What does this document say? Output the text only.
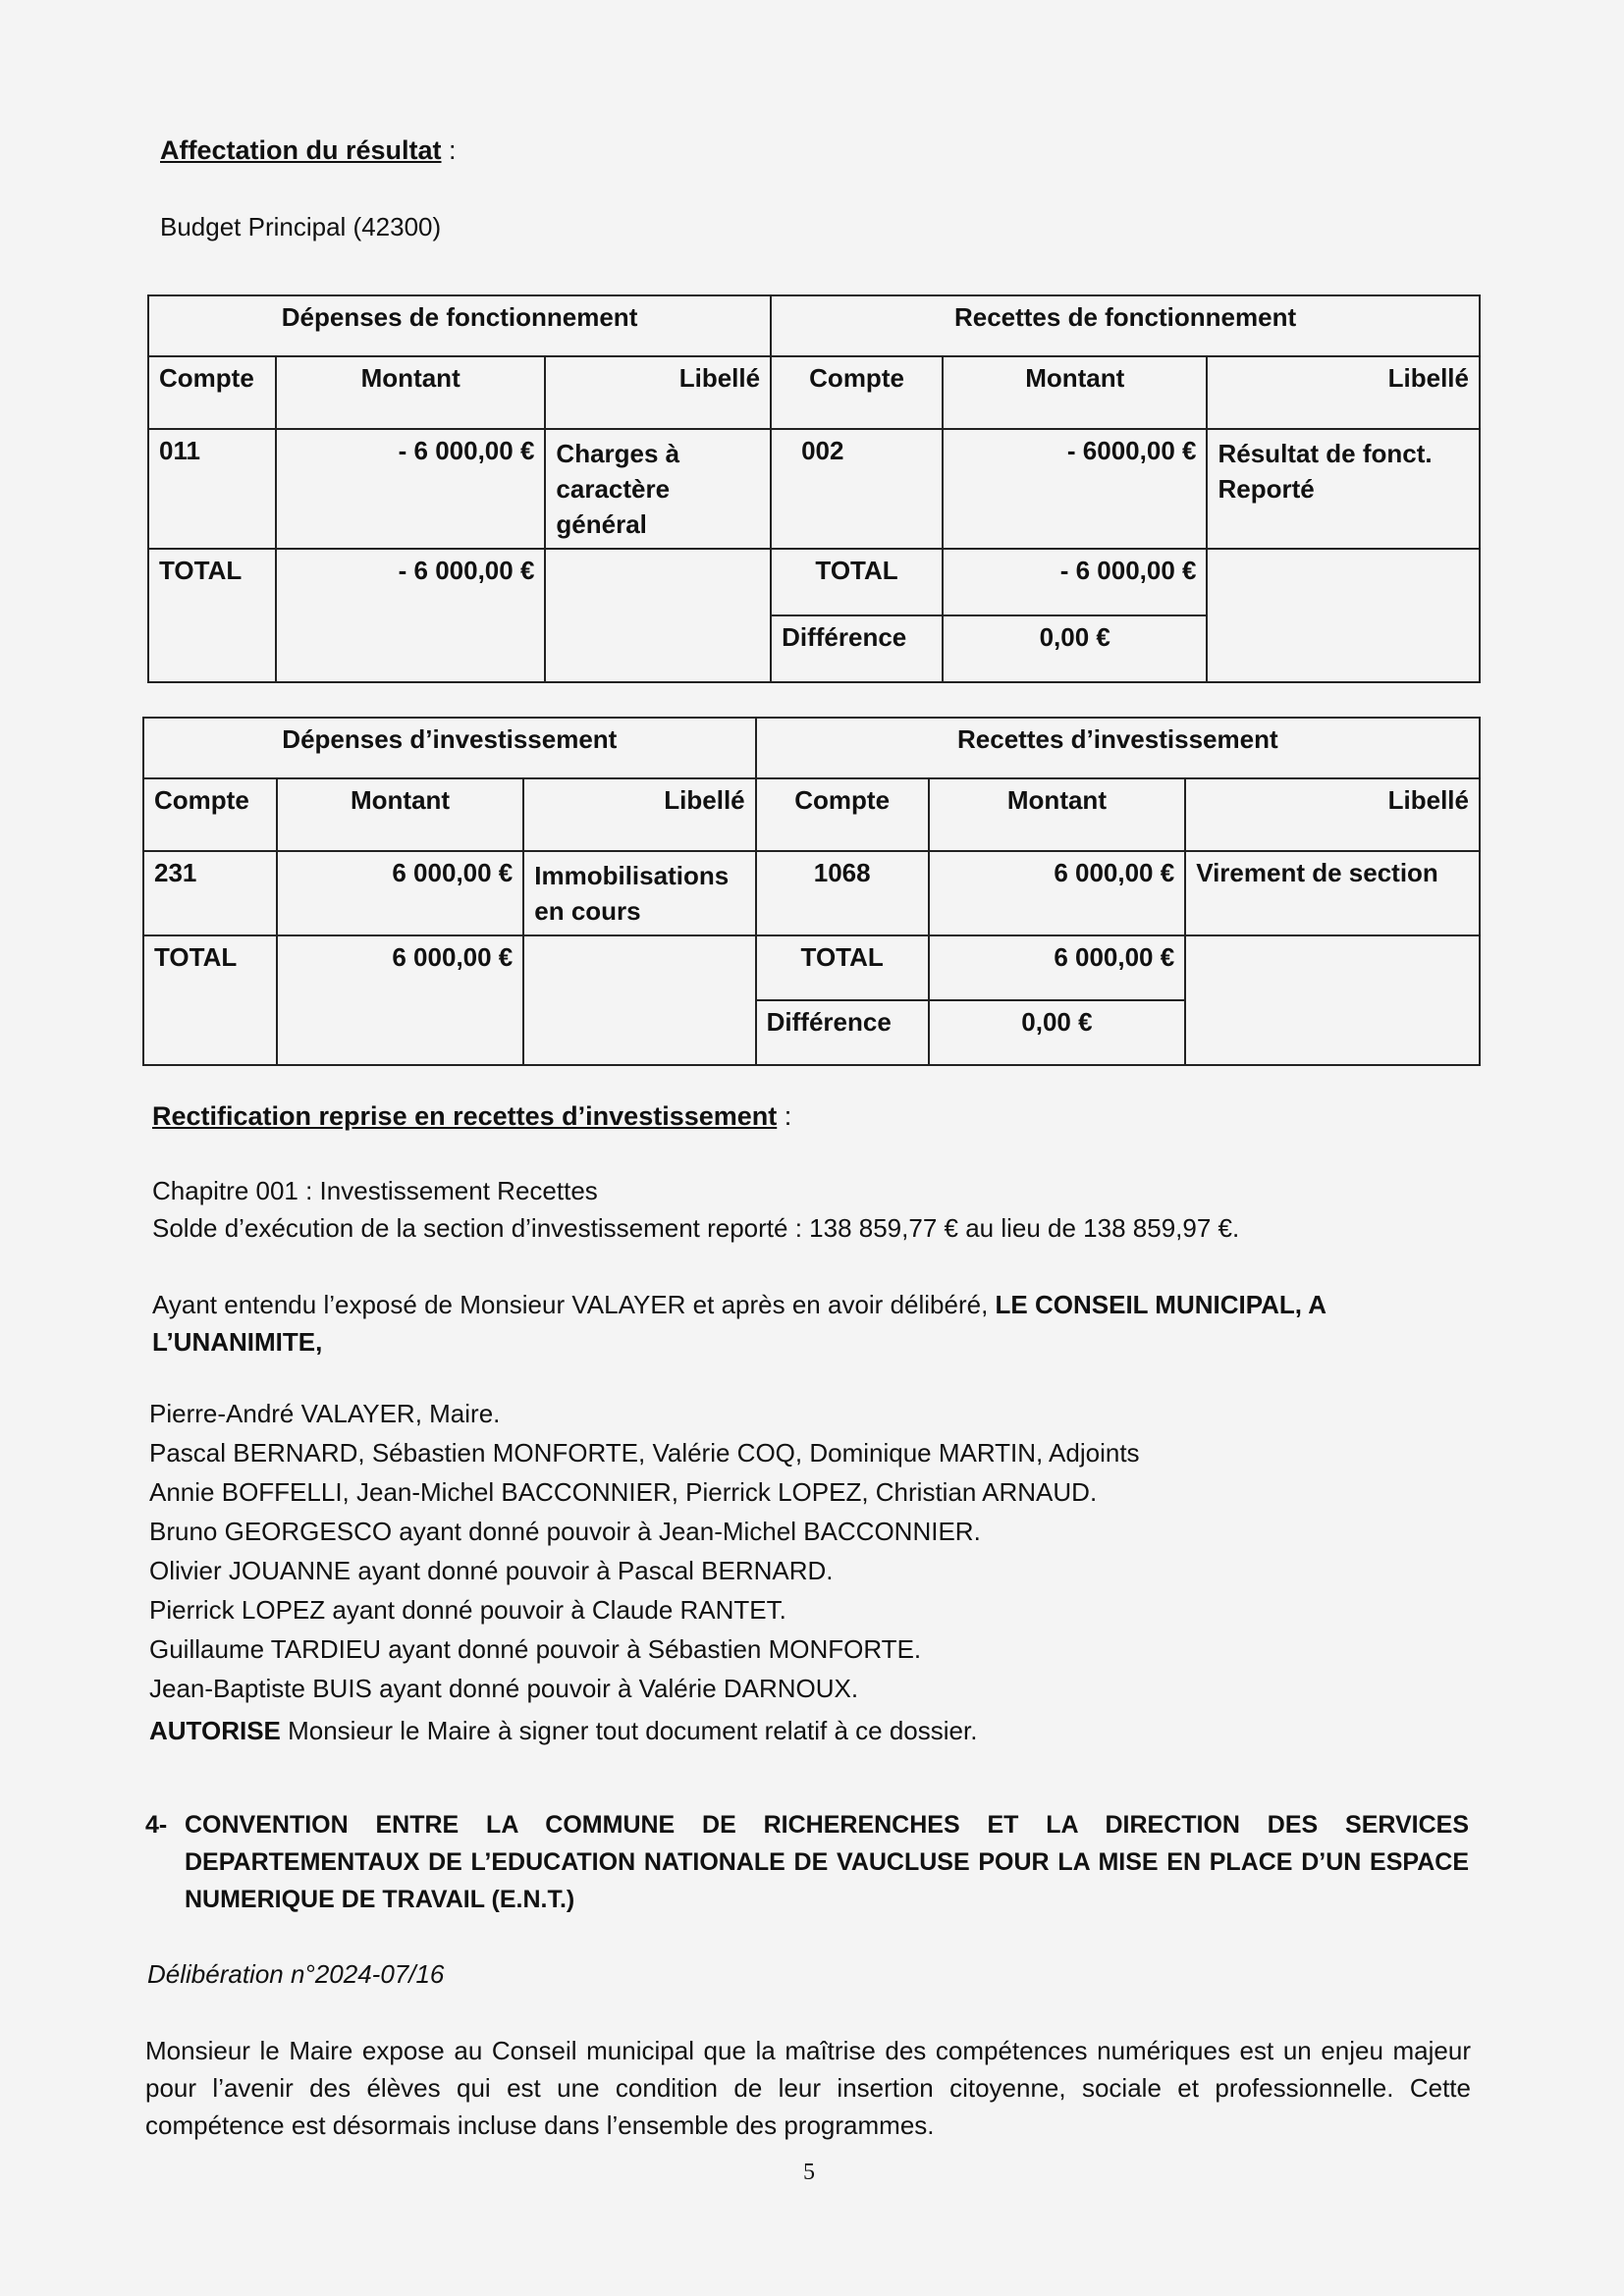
Affectation du résultat :
Budget Principal (42300)
Dépenses de fonctionnement			Recettes de fonctionnement		
Compte	Montant	Libellé	Compte	Montant	Libellé
011	- 6 000,00 €	Charges à caractère général	002	- 6000,00 €	Résultat de fonct. Reporté
TOTAL	- 6 000,00 €		TOTAL	- 6 000,00 €	
			Différence	0,00 €	
Dépenses d’investissement			Recettes d’investissement		
Compte	Montant	Libellé	Compte	Montant	Libellé
231	6 000,00 €	Immobilisations en cours	1068	6 000,00 €	Virement de section
TOTAL	6 000,00 €		TOTAL	6 000,00 €	
			Différence	0,00 €	
Rectification reprise en recettes d’investissement :
Chapitre 001 : Investissement Recettes
Solde d’exécution de la section d’investissement reporté : 138 859,77 € au lieu de 138 859,97 €.
Ayant entendu l’exposé de Monsieur VALAYER et après en avoir délibéré, LE CONSEIL MUNICIPAL, A
L’UNANIMITE,
Pierre-André VALAYER, Maire.
Pascal BERNARD, Sébastien MONFORTE, Valérie COQ, Dominique MARTIN, Adjoints
Annie BOFFELLI, Jean-Michel BACCONNIER, Pierrick LOPEZ, Christian ARNAUD.
Bruno GEORGESCO ayant donné pouvoir à Jean-Michel BACCONNIER.
Olivier JOUANNE ayant donné pouvoir à Pascal BERNARD.
Pierrick LOPEZ ayant donné pouvoir à Claude RANTET.
Guillaume TARDIEU ayant donné pouvoir à Sébastien MONFORTE.
Jean-Baptiste BUIS ayant donné pouvoir à Valérie DARNOUX.
AUTORISE Monsieur le Maire à signer tout document relatif à ce dossier.
4- CONVENTION ENTRE LA COMMUNE DE RICHERENCHES ET LA DIRECTION DES SERVICES DEPARTEMENTAUX DE L’EDUCATION NATIONALE DE VAUCLUSE POUR LA MISE EN PLACE D’UN ESPACE NUMERIQUE DE TRAVAIL (E.N.T.)
Délibération n°2024-07/16
Monsieur le Maire expose au Conseil municipal que la maîtrise des compétences numériques est un enjeu majeur pour l’avenir des élèves qui est une condition de leur insertion citoyenne, sociale et professionnelle. Cette compétence est désormais incluse dans l’ensemble des programmes.
5
